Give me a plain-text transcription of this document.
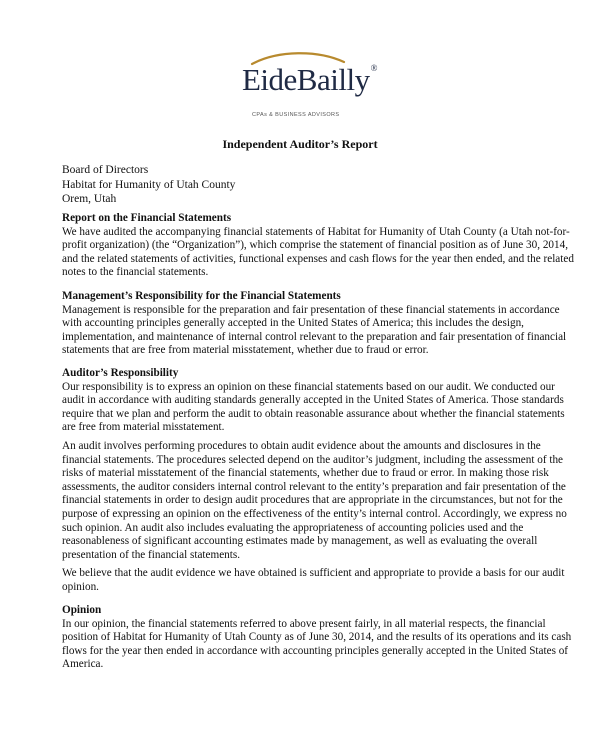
EideBailly®
CPAs & BUSINESS ADVISORS
Independent Auditor’s Report
Board of Directors
Habitat for Humanity of Utah County
Orem, Utah
Report on the Financial Statements

We have audited the accompanying financial statements of Habitat for Humanity of Utah County (a Utah not-for-profit organization) (the “Organization”), which comprise the statement of financial position as of June 30, 2014, and the related statements of activities, functional expenses and cash flows for the year then ended, and the related notes to the financial statements.

Management’s Responsibility for the Financial Statements

Management is responsible for the preparation and fair presentation of these financial statements in accordance with accounting principles generally accepted in the United States of America; this includes the design, implementation, and maintenance of internal control relevant to the preparation and fair presentation of financial statements that are free from material misstatement, whether due to fraud or error.

Auditor’s Responsibility

Our responsibility is to express an opinion on these financial statements based on our audit. We conducted our audit in accordance with auditing standards generally accepted in the United States of America. Those standards require that we plan and perform the audit to obtain reasonable assurance about whether the financial statements are free from material misstatement.

An audit involves performing procedures to obtain audit evidence about the amounts and disclosures in the financial statements. The procedures selected depend on the auditor’s judgment, including the assessment of the risks of material misstatement of the financial statements, whether due to fraud or error. In making those risk assessments, the auditor considers internal control relevant to the entity’s preparation and fair presentation of the financial statements in order to design audit procedures that are appropriate in the circumstances, but not for the purpose of expressing an opinion on the effectiveness of the entity’s internal control. Accordingly, we express no such opinion. An audit also includes evaluating the appropriateness of accounting policies used and the reasonableness of significant accounting estimates made by management, as well as evaluating the overall presentation of the financial statements.

We believe that the audit evidence we have obtained is sufficient and appropriate to provide a basis for our audit opinion.

Opinion

In our opinion, the financial statements referred to above present fairly, in all material respects, the financial position of Habitat for Humanity of Utah County as of June 30, 2014, and the results of its operations and its cash flows for the year then ended in accordance with accounting principles generally accepted in the United States of America.
